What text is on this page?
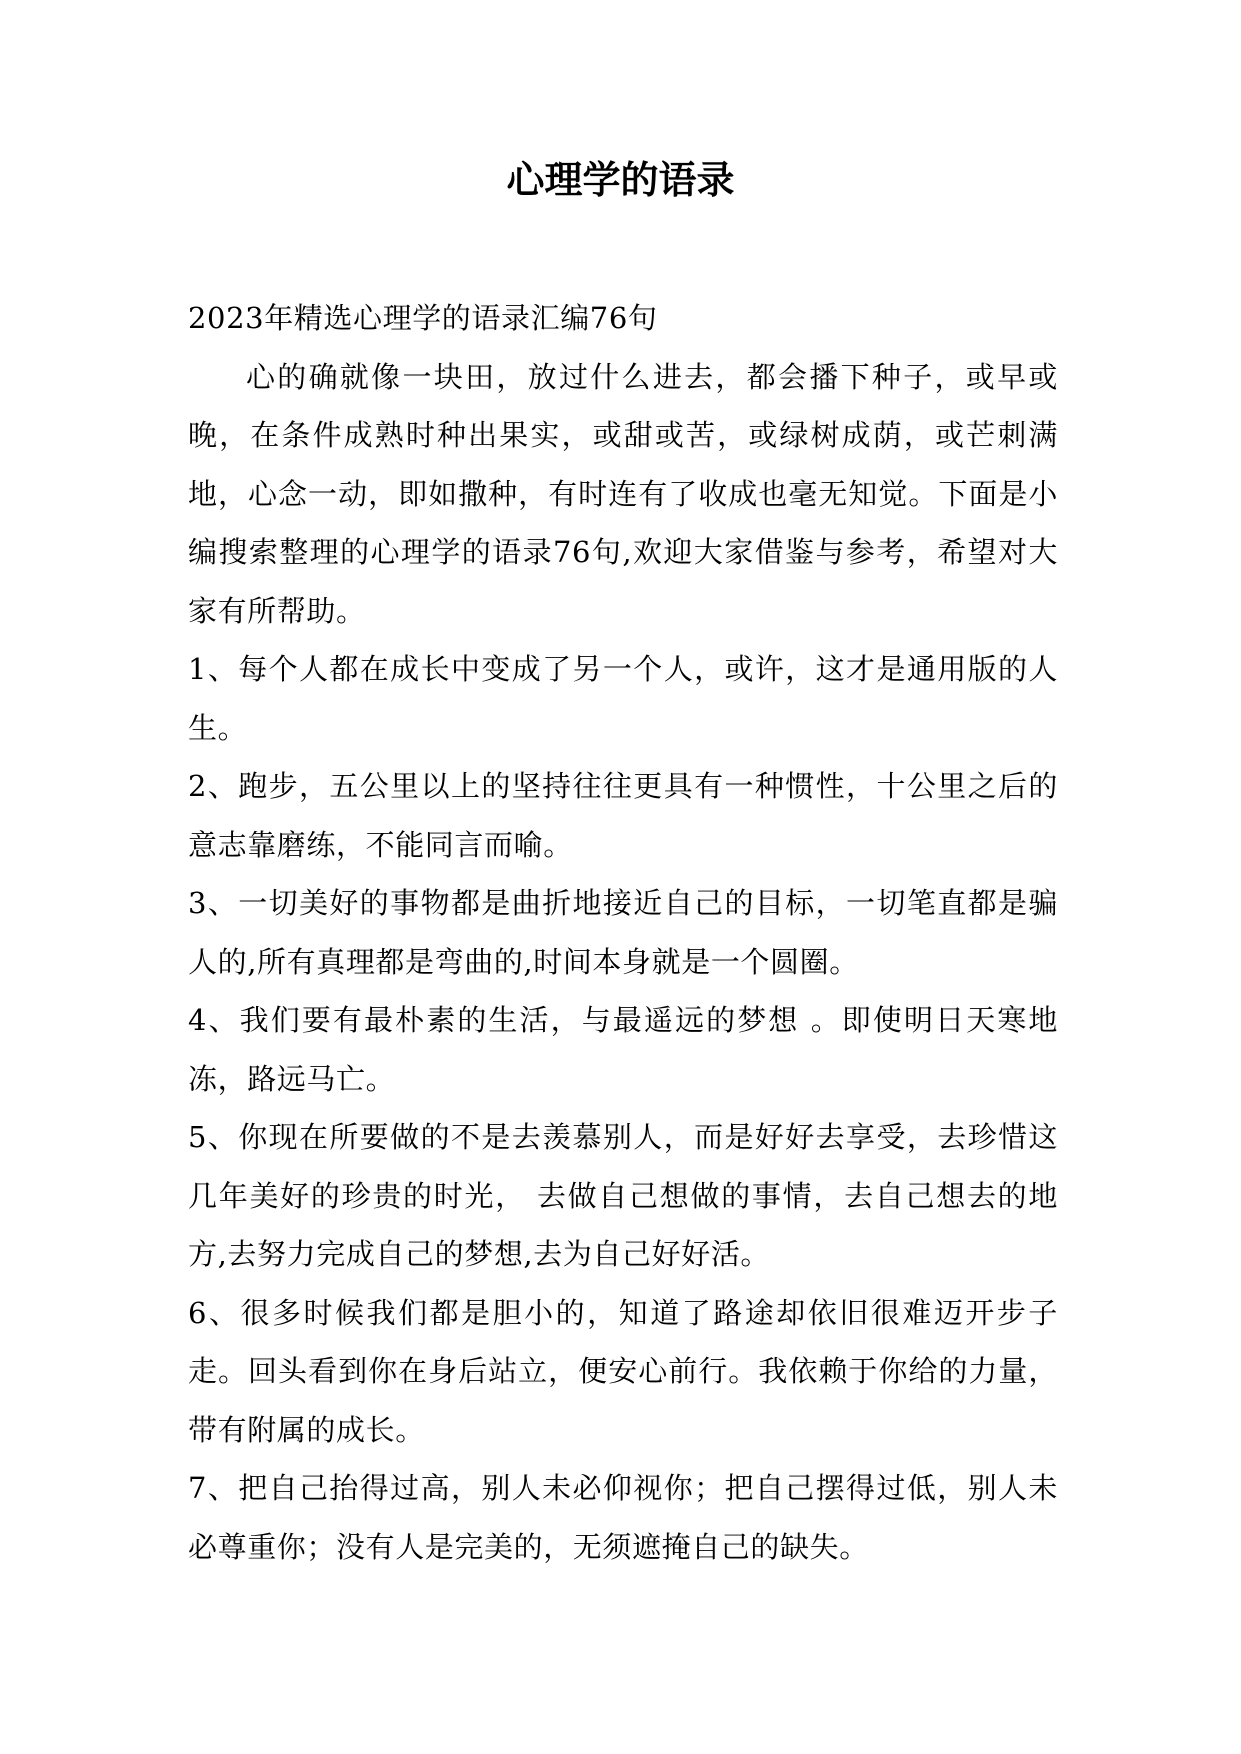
心理学的语录

2023年精选心理学的语录汇编76句

心的确就像一块田，放过什么进去，都会播下种子，或早或晚，在条件成熟时种出果实，或甜或苦，或绿树成荫，或芒刺满地，心念一动，即如撒种，有时连有了收成也毫无知觉。下面是小编搜索整理的心理学的语录76句,欢迎大家借鉴与参考，希望对大家有所帮助。

1、每个人都在成长中变成了另一个人，或许，这才是通用版的人生。

2、跑步，五公里以上的坚持往往更具有一种惯性，十公里之后的意志靠磨练，不能同言而喻。

3、一切美好的事物都是曲折地接近自己的目标，一切笔直都是骗人的,所有真理都是弯曲的,时间本身就是一个圆圈。

4、我们要有最朴素的生活，与最遥远的梦想 。即使明日天寒地冻，路远马亡。

5、你现在所要做的不是去羡慕别人，而是好好去享受，去珍惜这几年美好的珍贵的时光， 去做自己想做的事情，去自己想去的地方,去努力完成自己的梦想,去为自己好好活。

6、很多时候我们都是胆小的，知道了路途却依旧很难迈开步子走。回头看到你在身后站立，便安心前行。我依赖于你给的力量，带有附属的成长。

7、把自己抬得过高，别人未必仰视你；把自己摆得过低，别人未必尊重你；没有人是完美的，无须遮掩自己的缺失。
